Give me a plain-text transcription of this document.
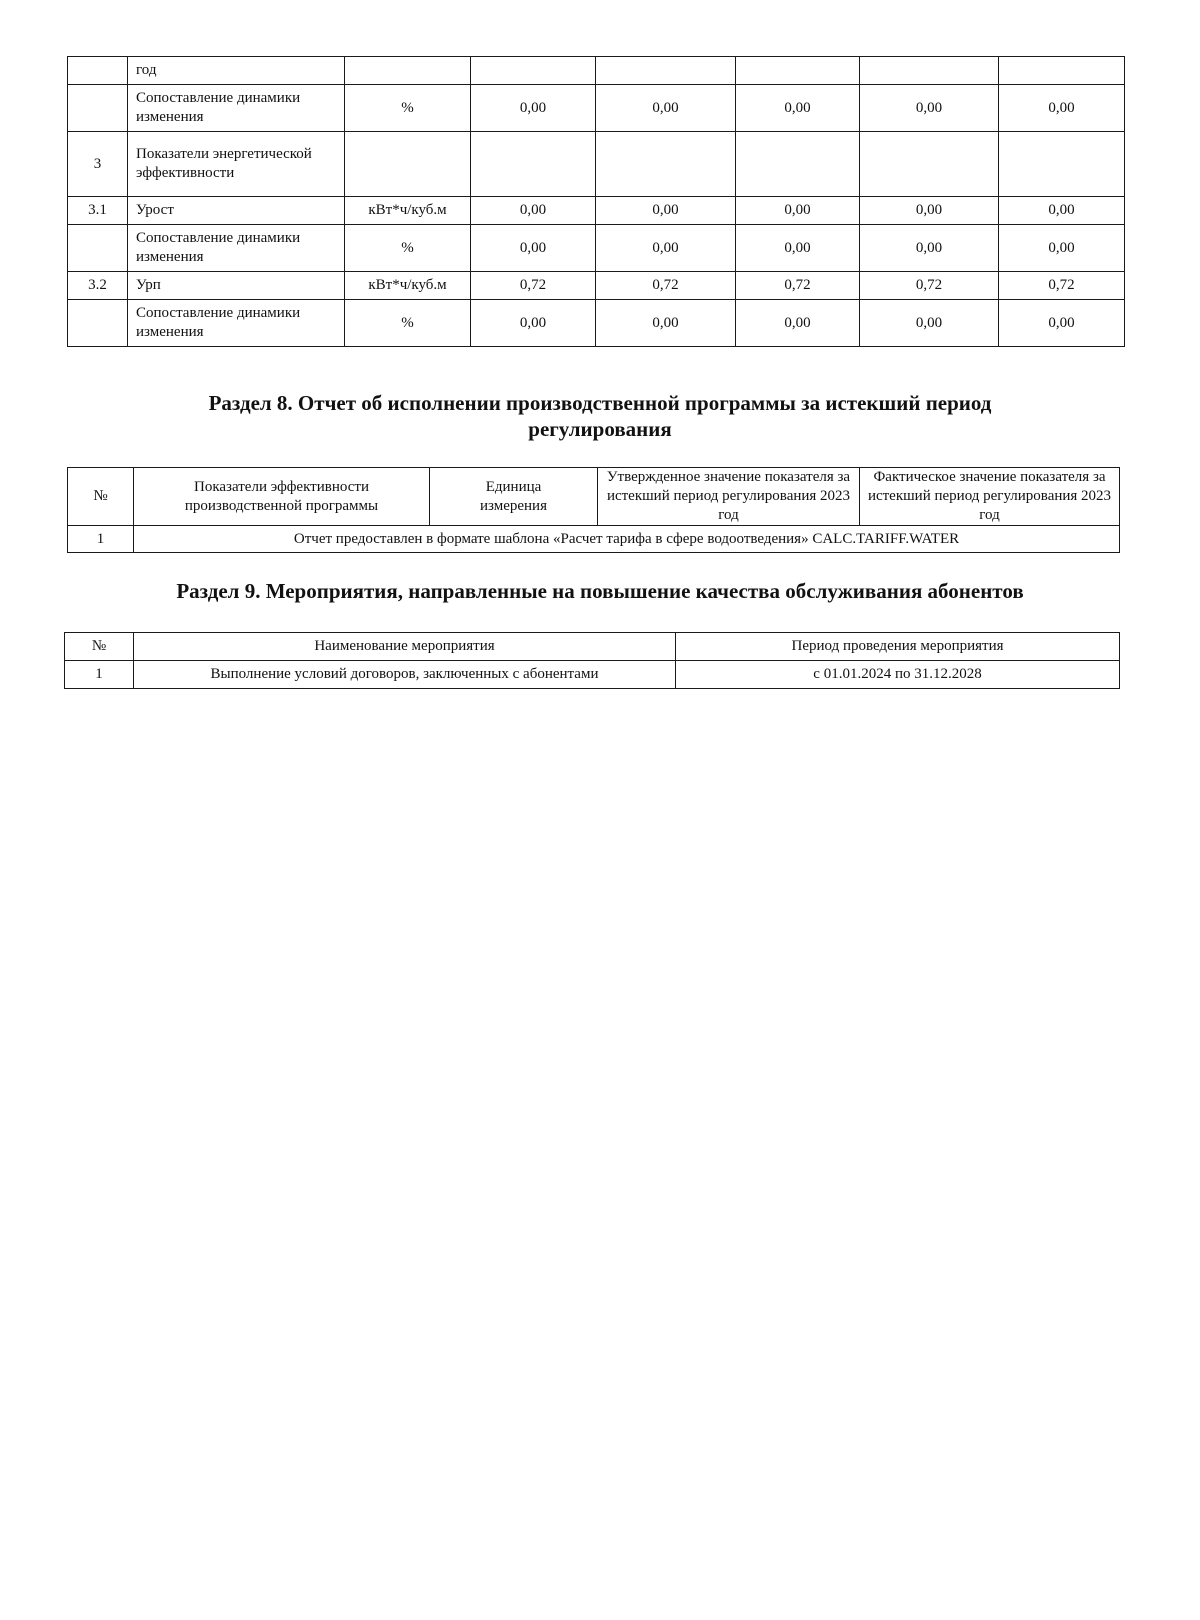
	год						
	Сопоставление динамики изменения	%	0,00	0,00	0,00	0,00	0,00
3	Показатели энергетической эффективности						
3.1	Урост	кВт*ч/куб.м	0,00	0,00	0,00	0,00	0,00
	Сопоставление динамики изменения	%	0,00	0,00	0,00	0,00	0,00
3.2	Урп	кВт*ч/куб.м	0,72	0,72	0,72	0,72	0,72
	Сопоставление динамики изменения	%	0,00	0,00	0,00	0,00	0,00
Раздел 8. Отчет об исполнении производственной программы за истекший период регулирования
№	Показатели эффективности производственной программы	Единица измерения	Утвержденное значение показателя за истекший период регулирования 2023 год	Фактическое значение показателя за истекший период регулирования 2023 год
1	Отчет предоставлен в формате шаблона «Расчет тарифа в сфере водоотведения» CALC.TARIFF.WATER			
Раздел 9. Мероприятия, направленные на повышение качества обслуживания абонентов
№	Наименование мероприятия	Период проведения мероприятия
1	Выполнение условий договоров, заключенных с абонентами	с 01.01.2024 по 31.12.2028
